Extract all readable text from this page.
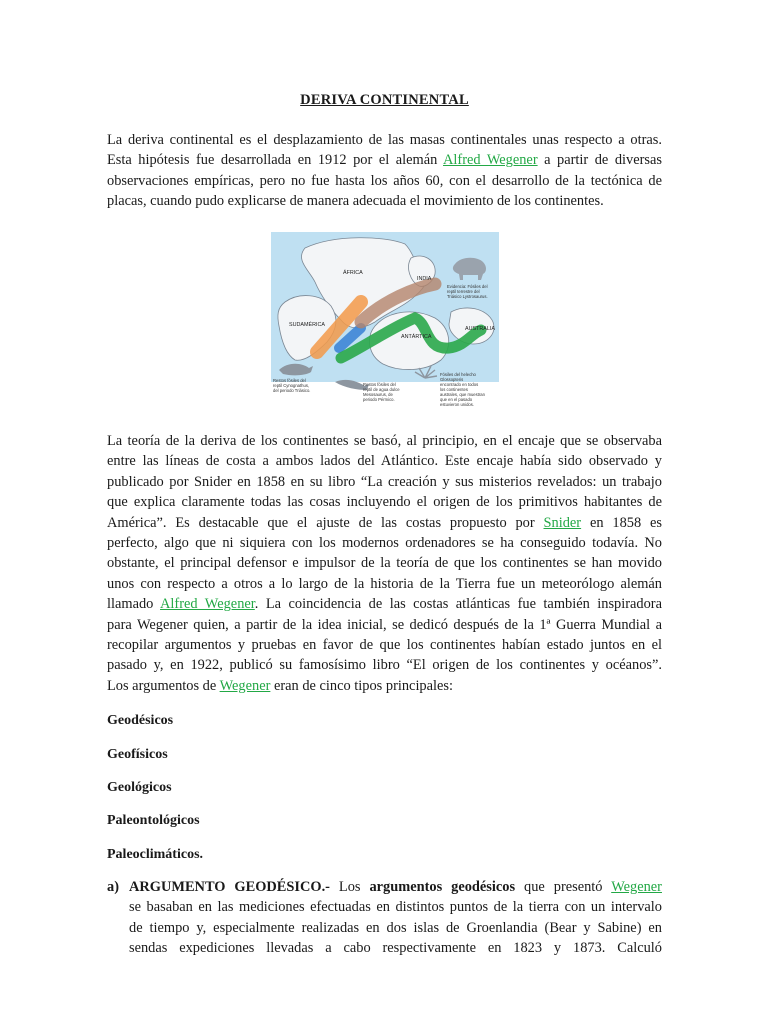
DERIVA CONTINENTAL
La deriva continental es el desplazamiento de las masas continentales unas respecto a otras.
Esta hipótesis fue desarrollada en 1912 por el alemán Alfred Wegener a partir de diversas
observaciones empíricas, pero no fue hasta los años 60, con el desarrollo de la tectónica de
placas, cuando pudo explicarse de manera adecuada el movimiento de los continentes.
ÁFRICA
INDIA
SUDAMÉRICA
ANTÁRTICA
AUSTRALIA
Evidencia: Fósiles del
reptil terrestre del
Triásico Lystrosaurus.
Restos fósiles del
reptil Cynognathus,
del periodo Triásico.
Restos fósiles del
reptil de agua dulce
Mesosaurus, de
periodo Pérmico.
Fósiles del helecho
Glossopteris
encontrado en todos
los continentes
australes, que muestran
que en el pasado
estuvieron unidos.
La teoría de la deriva de los continentes se basó, al principio, en el encaje que se observaba
entre las líneas de costa a ambos lados del Atlántico. Este encaje había sido observado y
publicado por Snider en 1858 en su libro “La creación y sus misterios revelados: un trabajo
que explica claramente todas las cosas incluyendo el origen de los primitivos habitantes de
América”. Es destacable que el ajuste de las costas propuesto por Snider en 1858 es
perfecto, algo que ni siquiera con los modernos ordenadores se ha conseguido todavía. No
obstante, el principal defensor e impulsor de la teoría de que los continentes se han movido
unos con respecto a otros a lo largo de la historia de la Tierra fue un meteorólogo alemán
llamado Alfred Wegener. La coincidencia de las costas atlánticas fue también inspiradora
para Wegener quien, a partir de la idea inicial, se dedicó después de la 1ª Guerra Mundial a
recopilar argumentos y pruebas en favor de que los continentes habían estado juntos en el
pasado y, en 1922, publicó su famosísimo libro “El origen de los continentes y océanos”.
Los argumentos de Wegener eran de cinco tipos principales:
Geodésicos
Geofísicos
Geológicos
Paleontológicos
Paleoclimáticos.
a) ARGUMENTO GEODÉSICO.- Los argumentos geodésicos que presentó Wegener
se basaban en las mediciones efectuadas en distintos puntos de la tierra con un intervalo
de tiempo y, especialmente realizadas en dos islas de Groenlandia (Bear y Sabine) en
sendas expediciones llevadas a cabo respectivamente en 1823 y 1873. Calculó
